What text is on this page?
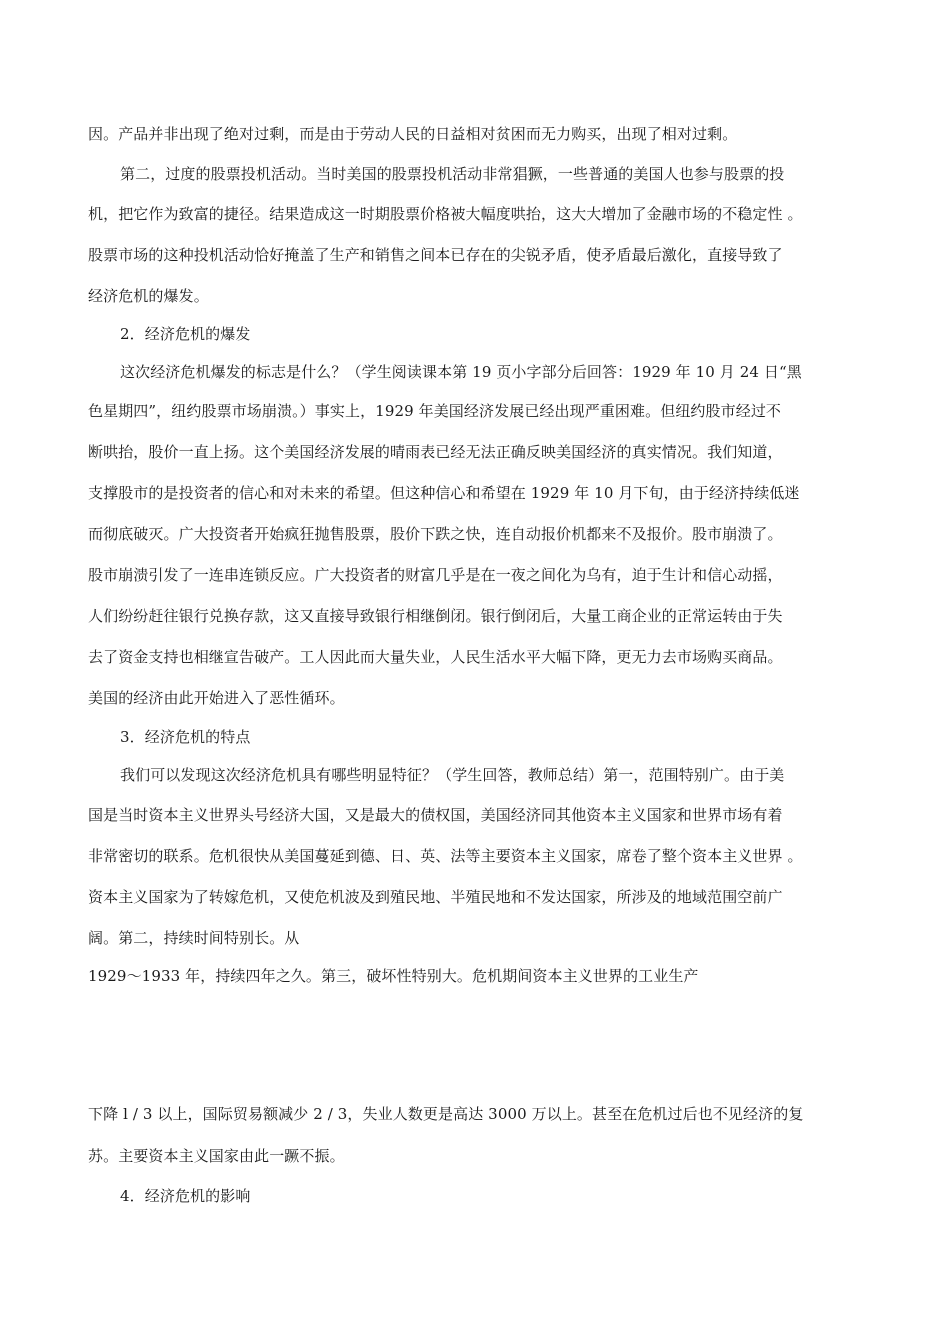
因。产品并非出现了绝对过剩，而是由于劳动人民的日益相对贫困而无力购买，出现了相对过剩。
第二，过度的股票投机活动。当时美国的股票投机活动非常猖獗，一些普通的美国人也参与股票的投
机，把它作为致富的捷径。结果造成这一时期股票价格被大幅度哄抬，这大大增加了金融市场的不稳定性 。
股票市场的这种投机活动恰好掩盖了生产和销售之间本已存在的尖锐矛盾，使矛盾最后激化，直接导致了
经济危机的爆发。
2．经济危机的爆发
这次经济危机爆发的标志是什么？（学生阅读课本第 19 页小字部分后回答：1929 年 10 月 24 日“黑
色星期四”，纽约股票市场崩溃。）事实上，1929 年美国经济发展已经出现严重困难。但纽约股市经过不
断哄抬，股价一直上扬。这个美国经济发展的晴雨表已经无法正确反映美国经济的真实情况。我们知道，
支撑股市的是投资者的信心和对未来的希望。但这种信心和希望在 1929 年 10 月下旬，由于经济持续低迷
而彻底破灭。广大投资者开始疯狂抛售股票，股价下跌之快，连自动报价机都来不及报价。股市崩溃了。
股市崩溃引发了一连串连锁反应。广大投资者的财富几乎是在一夜之间化为乌有，迫于生计和信心动摇，
人们纷纷赶往银行兑换存款，这又直接导致银行相继倒闭。银行倒闭后，大量工商企业的正常运转由于失
去了资金支持也相继宣告破产。工人因此而大量失业，人民生活水平大幅下降，更无力去市场购买商品。
美国的经济由此开始进入了恶性循环。
3．经济危机的特点
我们可以发现这次经济危机具有哪些明显特征？（学生回答，教师总结）第一，范围特别广。由于美
国是当时资本主义世界头号经济大国，又是最大的债权国，美国经济同其他资本主义国家和世界市场有着
非常密切的联系。危机很快从美国蔓延到德、日、英、法等主要资本主义国家，席卷了整个资本主义世界 。
资本主义国家为了转嫁危机，又使危机波及到殖民地、半殖民地和不发达国家，所涉及的地域范围空前广
阔。第二，持续时间特别长。从
1929～1933 年，持续四年之久。第三，破坏性特别大。危机期间资本主义世界的工业生产
下降 l / 3 以上，国际贸易额减少 2 / 3，失业人数更是高达 3000 万以上。甚至在危机过后也不见经济的复
苏。主要资本主义国家由此一蹶不振。
4．经济危机的影响
